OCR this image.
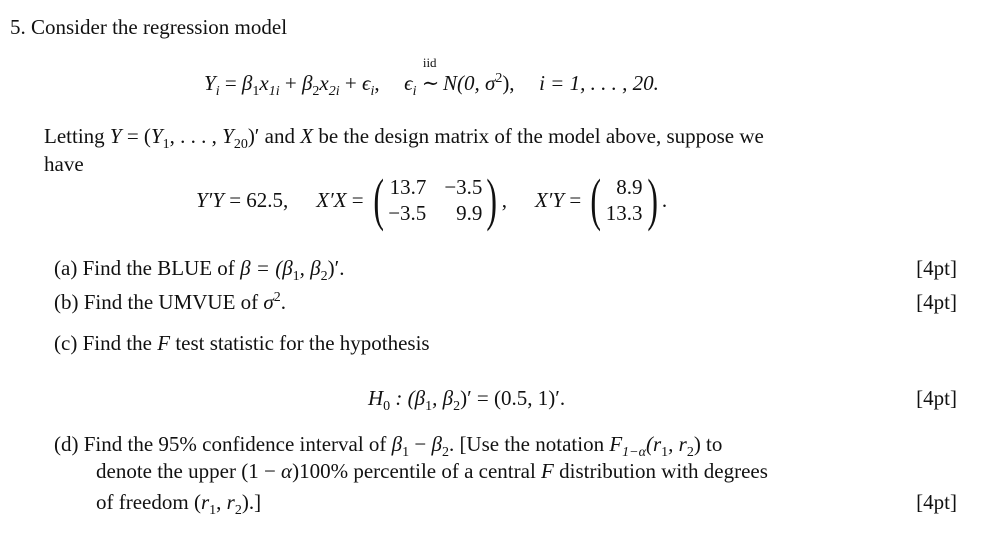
5. Consider the regression model
$Y_i = \beta_1x_{1i} + \beta_2x_{2i} + \epsilon_i$, $\epsilon_i$
iid
∼ N(0, $\sigma^2$), i = 1, . . . , 20.
Letting $Y = (Y_1$, . . . , $Y_{20})'$ and X be the design matrix of the model above, suppose we
have
Y′Y
= 62.5, X′X
=
( 13.7 −3.5
−3.5	9.9 ) , X′Y
=
( 8.9
13.3 ) .
(a) Find the BLUE of $\beta = (\beta_1$, $\beta_2)'$.	[4pt]
(b) Find the UMVUE of $\sigma^2$.	[4pt]
(c) Find the F test statistic for the hypothesis
$H_0$ : ($\beta_1$, $\beta_2)' = (0.5$, 1)′.	[4pt]
(d) Find the 95% confidence interval of $\beta_1 - \beta_2$. [Use the notation $F_{1-\alpha}(r_1$, $r_2$) to
denote the upper (1 − α)100% percentile of a central F distribution with degrees
of freedom ($r_1$, $r_2$).]	[4pt]
